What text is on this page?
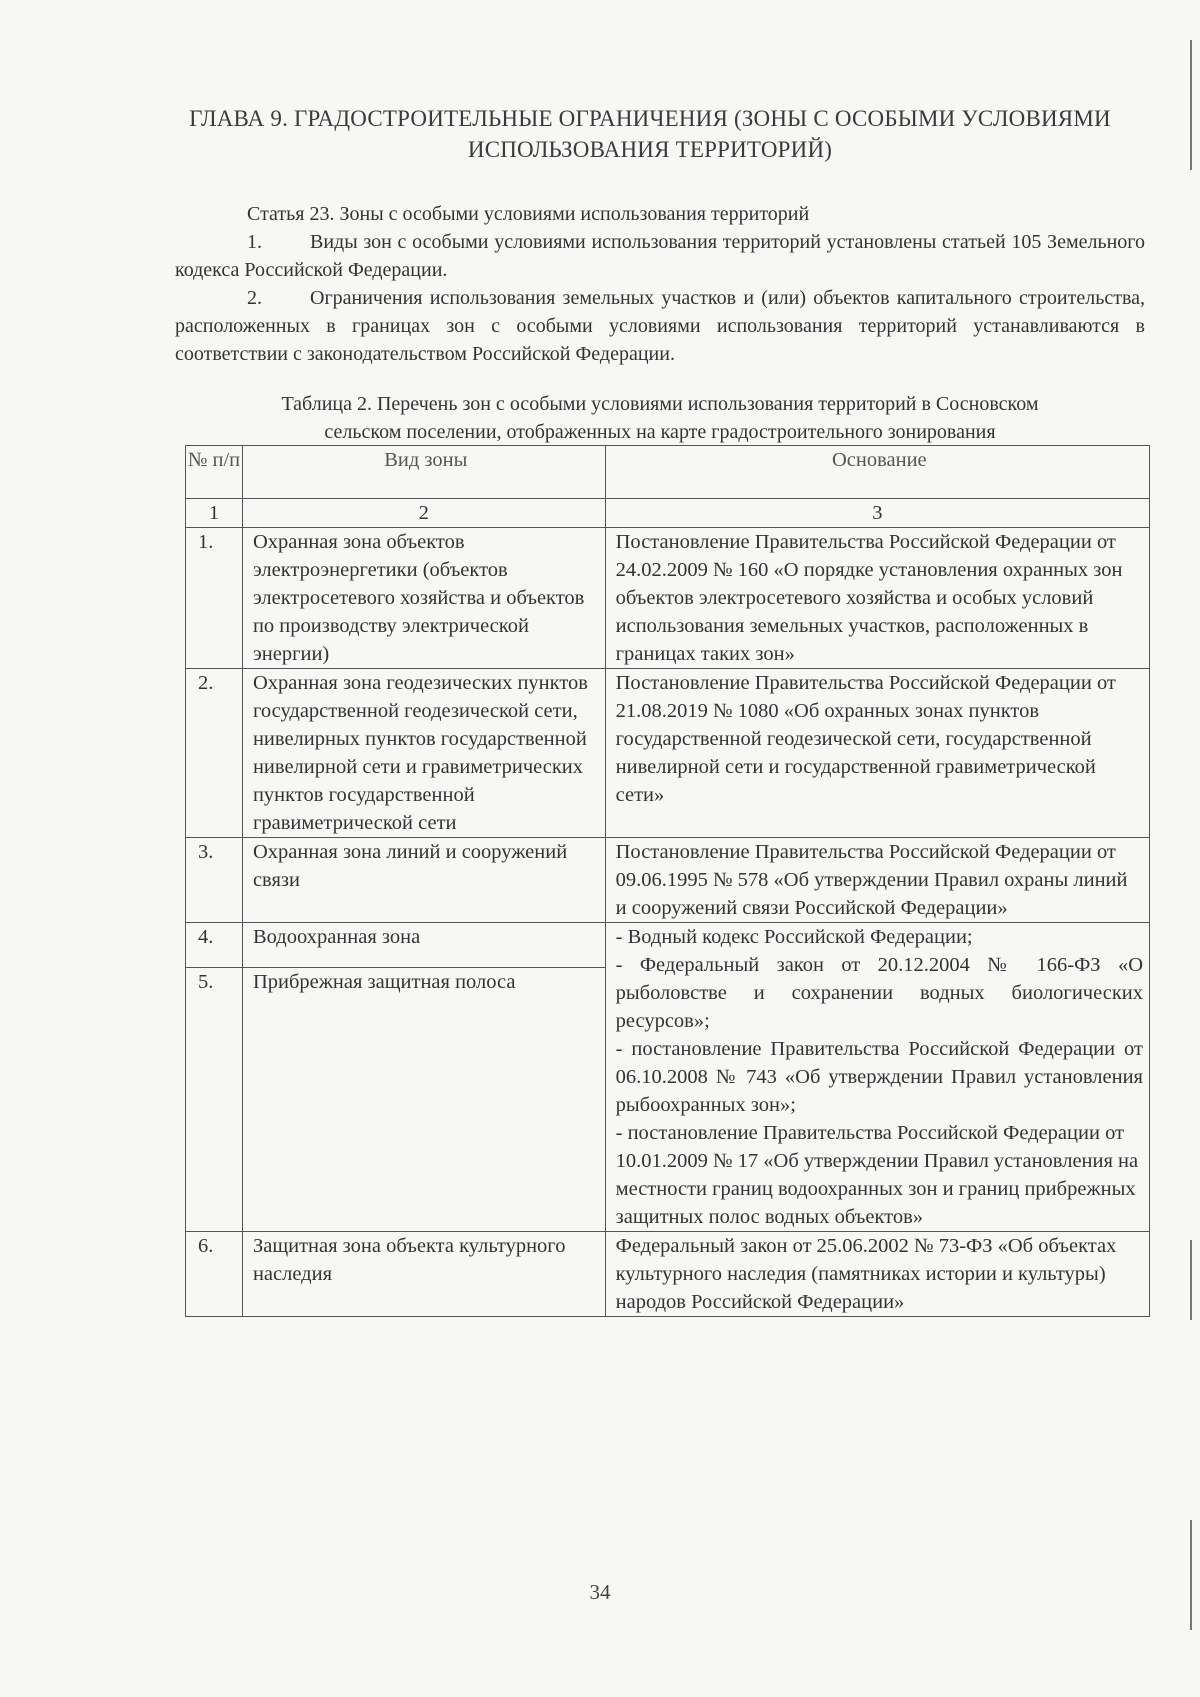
ГЛАВА 9. ГРАДОСТРОИТЕЛЬНЫЕ ОГРАНИЧЕНИЯ (ЗОНЫ С ОСОБЫМИ УСЛОВИЯМИ
ИСПОЛЬЗОВАНИЯ ТЕРРИТОРИЙ)
Статья 23. Зоны с особыми условиями использования территорий
1. Виды зон с особыми условиями использования территорий установлены статьей 105 Земельного кодекса Российской Федерации.
2. Ограничения использования земельных участков и (или) объектов капитального строительства, расположенных в границах зон с особыми условиями использования территорий устанавливаются в соответствии с законодательством Российской Федерации.
Таблица 2. Перечень зон с особыми условиями использования территорий в Сосновском
сельском поселении, отображенных на карте градостроительного зонирования
№ п/п	Вид зоны	Основание
1	2	3
1.	Охранная зона объектов электроэнергетики (объектов электросетевого хозяйства и объектов по производству электрической энергии)	Постановление Правительства Российской Федерации от 24.02.2009 № 160 «О порядке установления охранных зон объектов электросетевого хозяйства и особых условий использования земельных участков, расположенных в границах таких зон»
2.	Охранная зона геодезических пунктов государственной геодезической сети, нивелирных пунктов государственной нивелирной сети и гравиметрических пунктов государственной гравиметрической сети	Постановление Правительства Российской Федерации от 21.08.2019 № 1080 «Об охранных зонах пунктов государственной геодезической сети, государственной нивелирной сети и государственной гравиметрической сети»
3.	Охранная зона линий и сооружений связи	Постановление Правительства Российской Федерации от 09.06.1995 № 578 «Об утверждении Правил охраны линий и сооружений связи Российской Федерации»
4.	Водоохранная зона	- Водный кодекс Российской Федерации;
- Федеральный закон от 20.12.2004 № 166-ФЗ «О рыболовстве и сохранении водных биологических ресурсов»;
- постановление Правительства Российской Федерации от 06.10.2008 № 743 «Об утверждении Правил установления рыбоохранных зон»;
- постановление Правительства Российской Федерации от 10.01.2009 № 17 «Об утверждении Правил установления на местности границ водоохранных зон и границ прибрежных защитных полос водных объектов»

5.	Прибрежная защитная полоса	
6.	Защитная зона объекта культурного наследия	Федеральный закон от 25.06.2002 № 73-ФЗ «Об объектах культурного наследия (памятниках истории и культуры) народов Российской Федерации»
34
